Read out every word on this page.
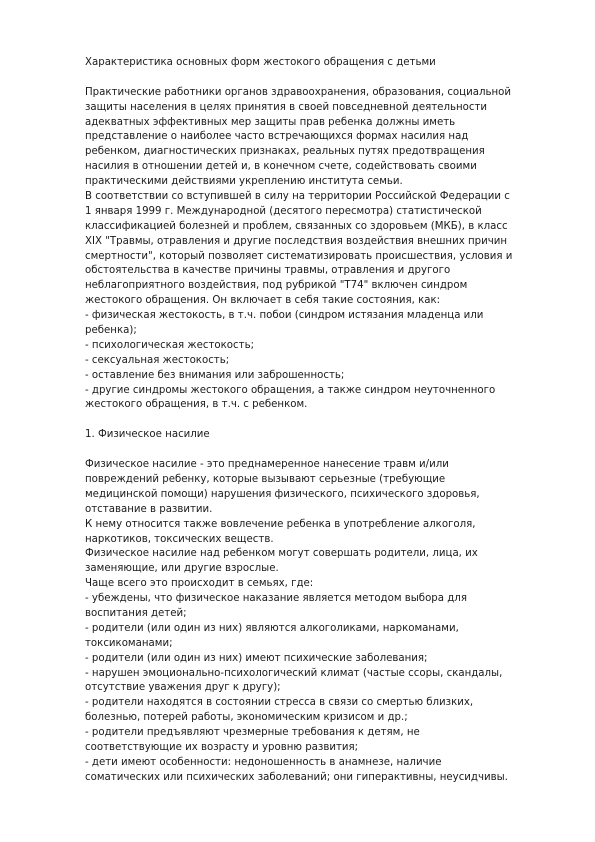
Характеристика основных форм жестокого обращения с детьми
Практические работники органов здравоохранения, образования, социальной
защиты населения в целях принятия в своей повседневной деятельности
адекватных эффективных мер защиты прав ребенка должны иметь
представление о наиболее часто встречающихся формах насилия над
ребенком, диагностических признаках, реальных путях предотвращения
насилия в отношении детей и, в конечном счете, содействовать своими
практическими действиями укреплению института семьи.
В соответствии со вступившей в силу на территории Российской Федерации с
1 января 1999 г. Международной (десятого пересмотра) статистической
классификацией болезней и проблем, связанных со здоровьем (МКБ), в класс
XIX "Травмы, отравления и другие последствия воздействия внешних причин
смертности", который позволяет систематизировать происшествия, условия и
обстоятельства в качестве причины травмы, отравления и другого
неблагоприятного воздействия, под рубрикой "T74" включен синдром
жестокого обращения. Он включает в себя такие состояния, как:
- физическая жестокость, в т.ч. побои (синдром истязания младенца или
ребенка);
- психологическая жестокость;
- сексуальная жестокость;
- оставление без внимания или заброшенность;
- другие синдромы жестокого обращения, а также синдром неуточненного
жестокого обращения, в т.ч. с ребенком.
1. Физическое насилие
Физическое насилие - это преднамеренное нанесение травм и/или
повреждений ребенку, которые вызывают серьезные (требующие
медицинской помощи) нарушения физического, психического здоровья,
отставание в развитии.
К нему относится также вовлечение ребенка в употребление алкоголя,
наркотиков, токсических веществ.
Физическое насилие над ребенком могут совершать родители, лица, их
заменяющие, или другие взрослые.
Чаще всего это происходит в семьях, где:
- убеждены, что физическое наказание является методом выбора для
воспитания детей;
- родители (или один из них) являются алкоголиками, наркоманами,
токсикоманами;
- родители (или один из них) имеют психические заболевания;
- нарушен эмоционально-психологический климат (частые ссоры, скандалы,
отсутствие уважения друг к другу);
- родители находятся в состоянии стресса в связи со смертью близких,
болезнью, потерей работы, экономическим кризисом и др.;
- родители предъявляют чрезмерные требования к детям, не
соответствующие их возрасту и уровню развития;
- дети имеют особенности: недоношенность в анамнезе, наличие
соматических или психических заболеваний; они гиперактивны, неусидчивы.
